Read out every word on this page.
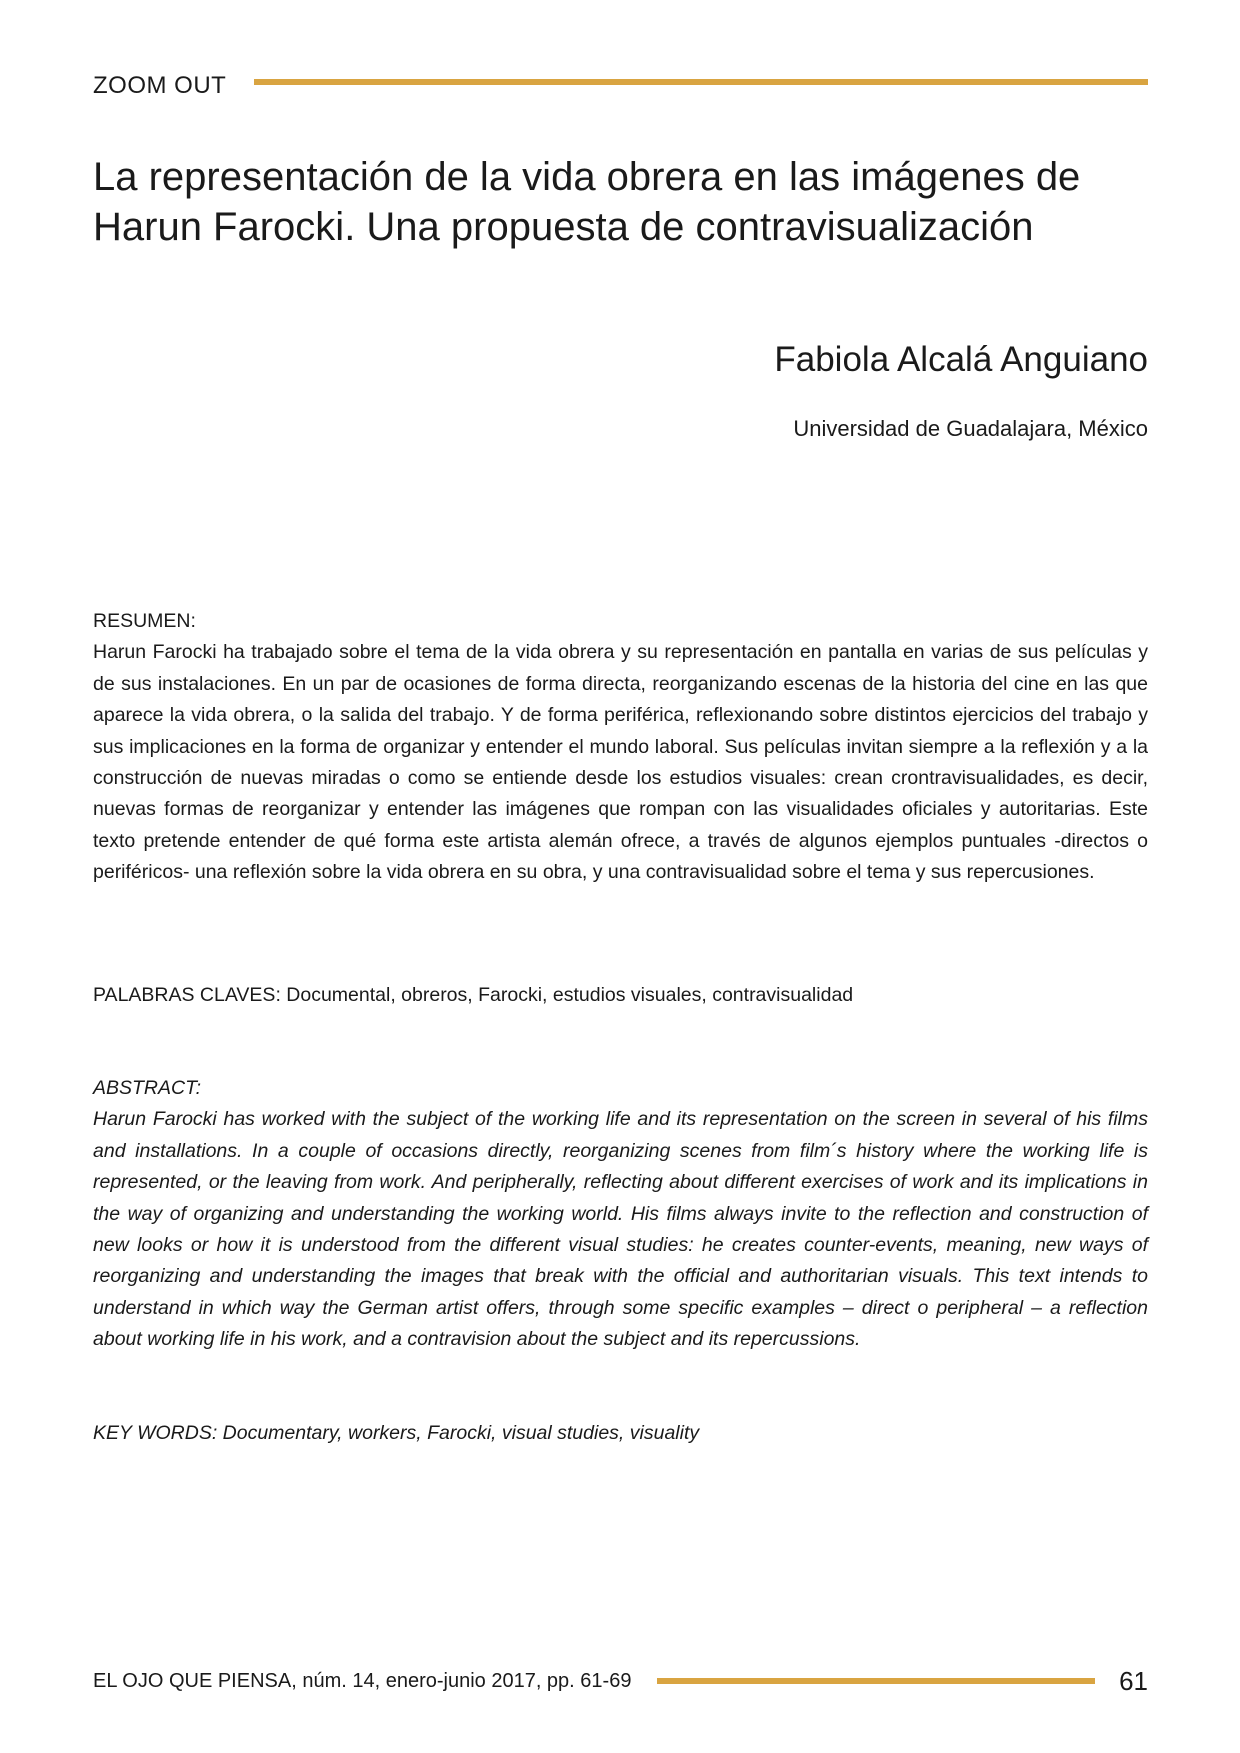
ZOOM OUT
La representación de la vida obrera en las imágenes de Harun Farocki. Una propuesta de contravisualización
Fabiola Alcalá Anguiano
Universidad de Guadalajara, México
RESUMEN:

Harun Farocki ha trabajado sobre el tema de la vida obrera y su representación en pantalla en varias de sus películas y de sus instalaciones. En un par de ocasiones de forma directa, reorganizando escenas de la historia del cine en las que aparece la vida obrera, o la salida del trabajo. Y de forma periférica, reflexionando sobre distintos ejercicios del trabajo y sus implicaciones en la forma de organizar y entender el mundo laboral. Sus películas invitan siempre a la reflexión y a la construcción de nuevas miradas o como se entiende desde los estudios visuales: crean crontravisualidades, es decir, nuevas formas de reorganizar y entender las imágenes que rompan con las visualidades oficiales y autoritarias. Este texto pretende entender de qué forma este artista alemán ofrece, a través de algunos ejemplos puntuales -directos o periféricos- una reflexión sobre la vida obrera en su obra, y una contravisualidad sobre el tema y sus repercusiones.

PALABRAS CLAVES: Documental, obreros, Farocki, estudios visuales, contravisualidad

ABSTRACT:

Harun Farocki has worked with the subject of the working life and its representation on the screen in several of his films and installations. In a couple of occasions directly, reorganizing scenes from film´s history where the working life is represented, or the leaving from work. And peripherally, reflecting about different exercises of work and its implications in the way of organizing and understanding the working world. His films always invite to the reflection and construction of new looks or how it is understood from the different visual studies: he creates counter-events, meaning, new ways of reorganizing and understanding the images that break with the official and authoritarian visuals. This text intends to understand in which way the German artist offers, through some specific examples – direct o peripheral – a reflection about working life in his work, and a contravision about the subject and its repercussions.

KEY WORDS: Documentary, workers, Farocki, visual studies, visuality

EL OJO QUE PIENSA, núm. 14, enero-junio 2017, pp. 61-69	61
